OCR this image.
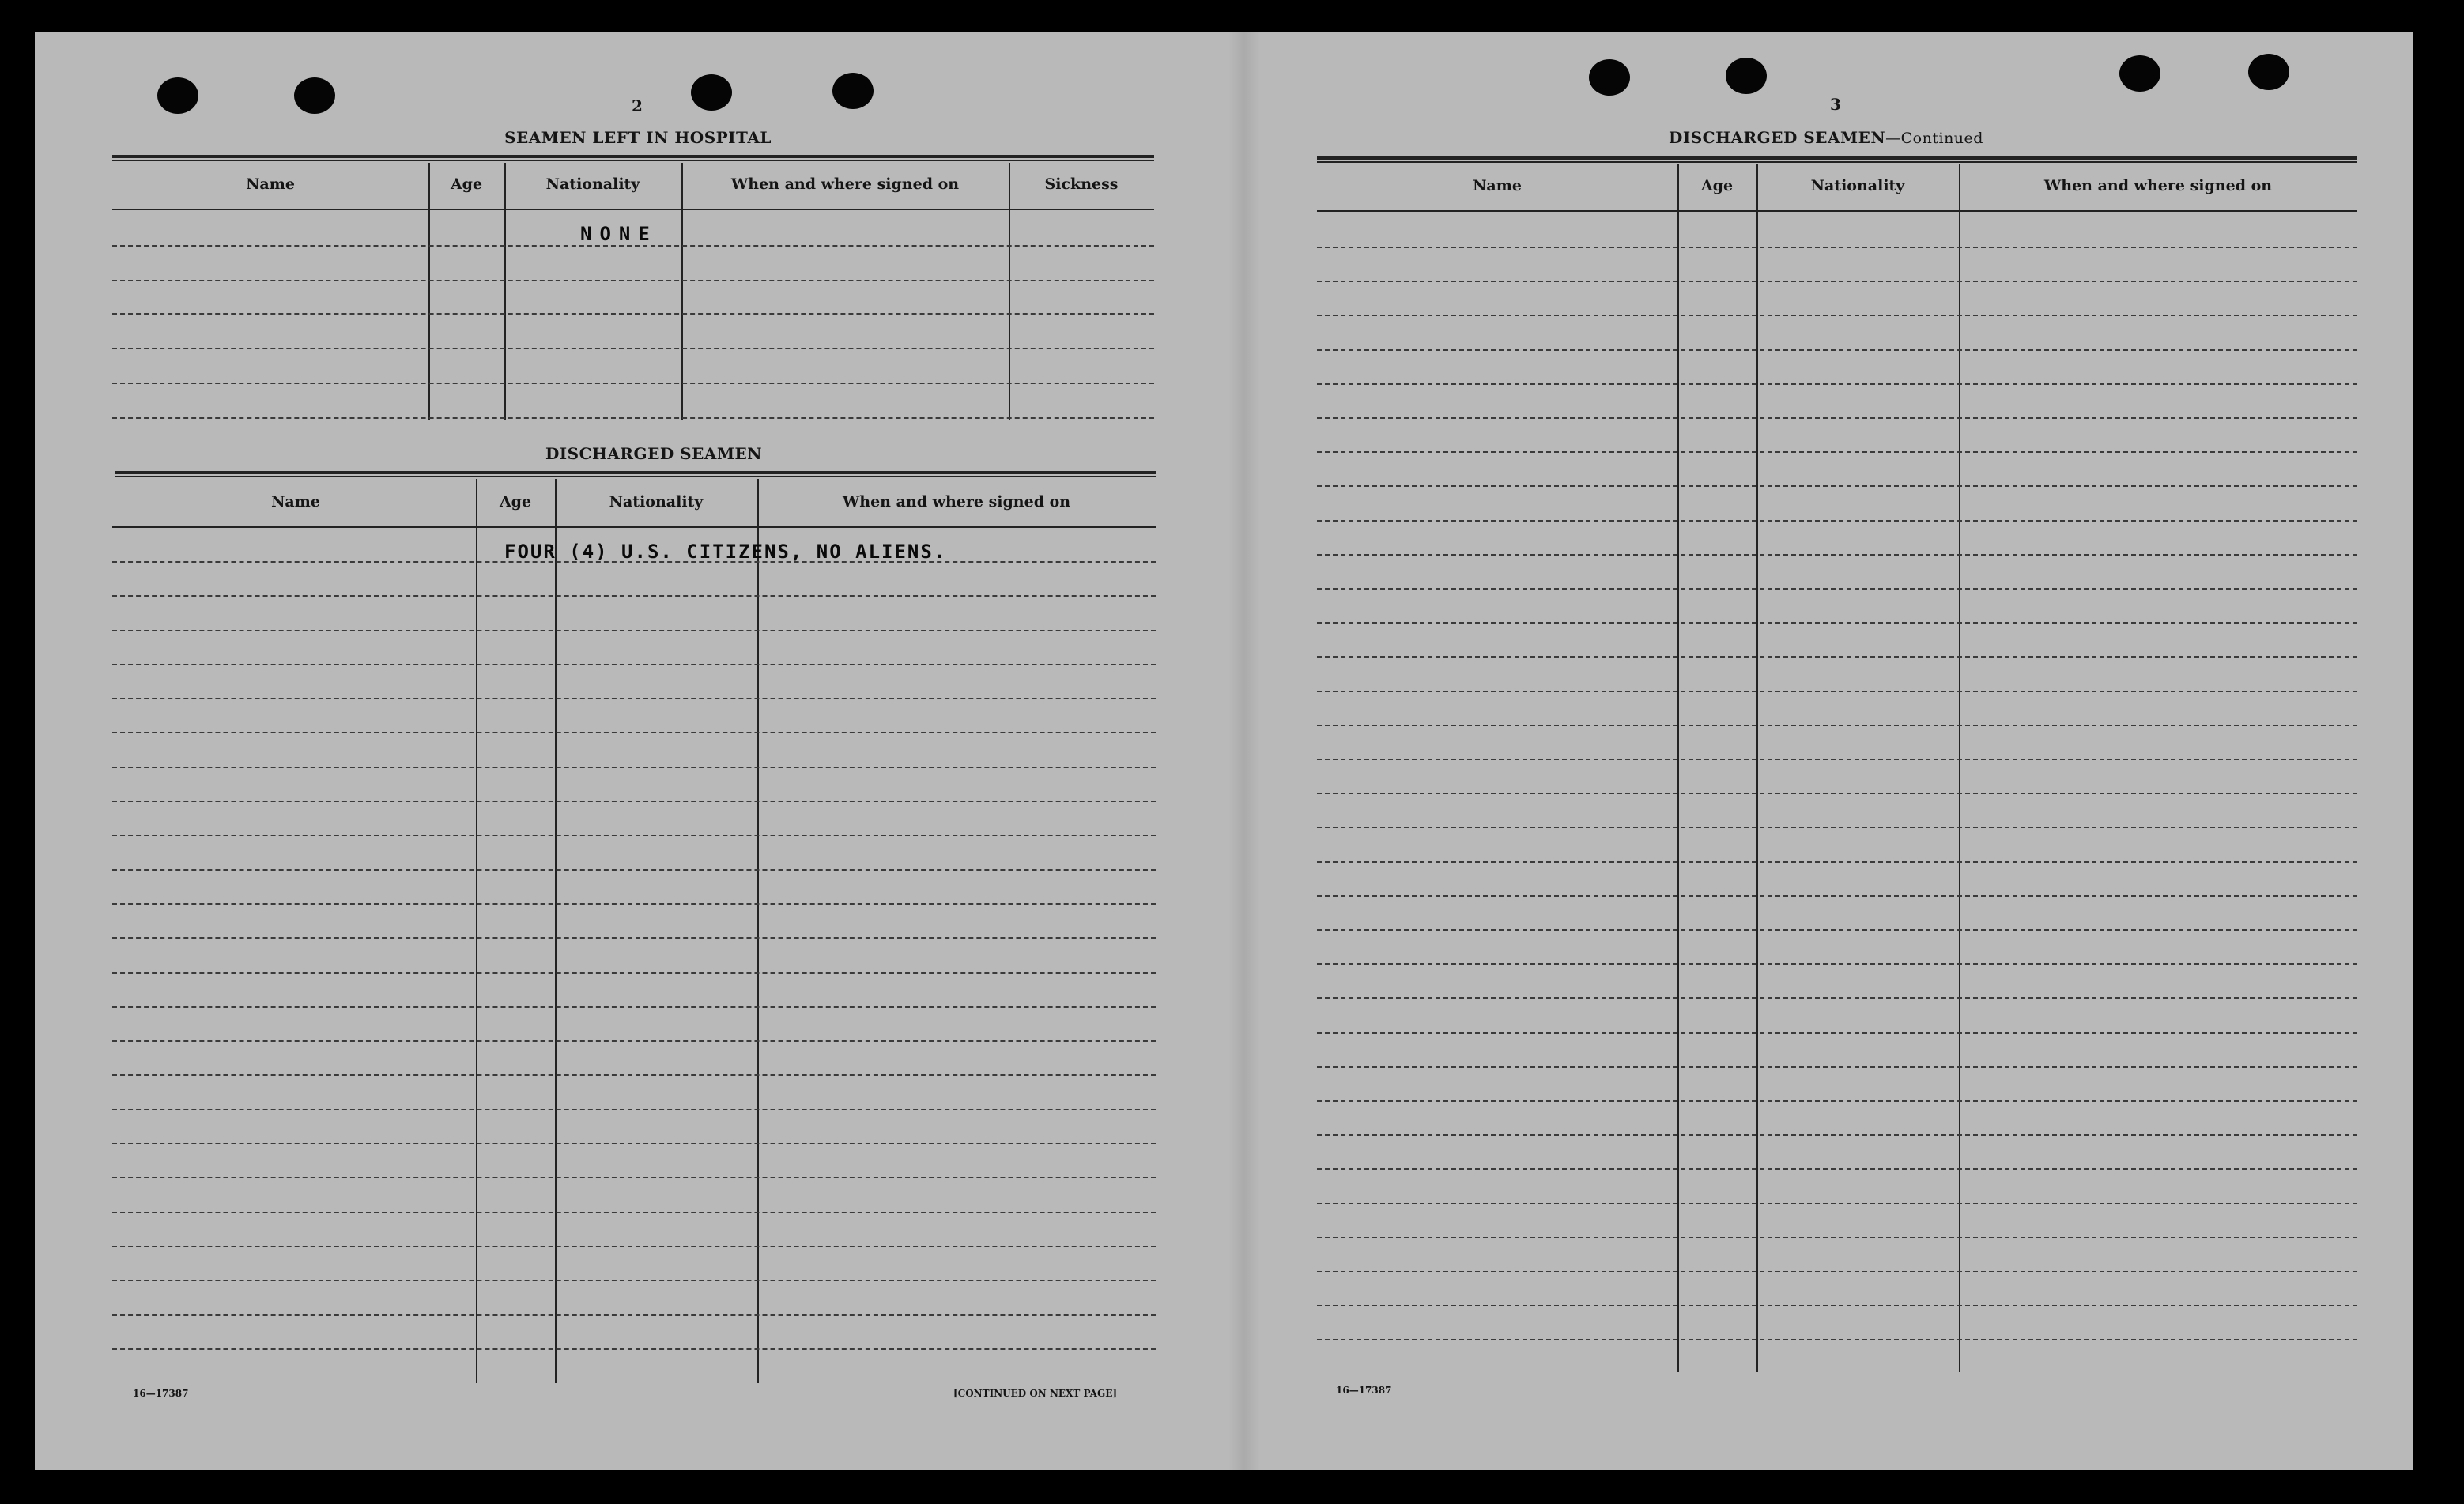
2
SEAMEN LEFT IN HOSPITAL
Name	Age	Nationality	When and where signed on	Sickness
NONE
DISCHARGED SEAMEN
Name	Age	Nationality	When and where signed on
FOUR (4) U.S. CITIZENS, NO ALIENS.
16—17387	[CONTINUED ON NEXT PAGE]
3
DISCHARGED SEAMEN—Continued
Name	Age	Nationality	When and where signed on
16—17387
